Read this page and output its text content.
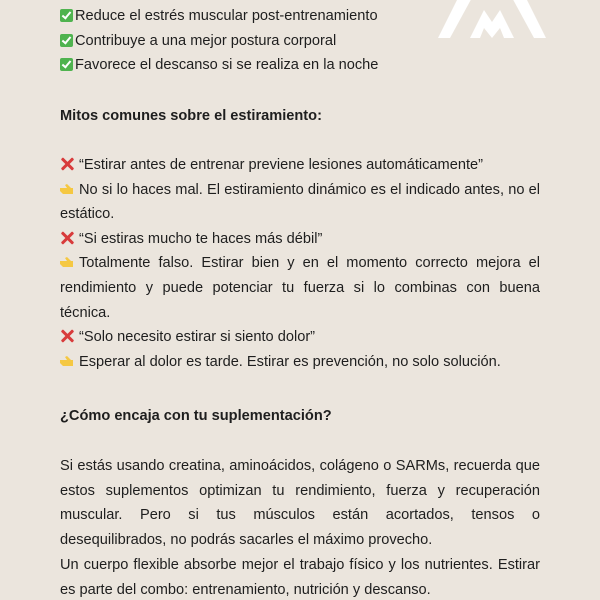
Reduce el estrés muscular post-entrenamiento
Contribuye a una mejor postura corporal
Favorece el descanso si se realiza en la noche
Mitos comunes sobre el estiramiento:
“Estirar antes de entrenar previene lesiones automáticamente”
No si lo haces mal. El estiramiento dinámico es el indicado antes, no el estático.
“Si estiras mucho te haces más débil”
Totalmente falso. Estirar bien y en el momento correcto mejora el rendimiento y puede potenciar tu fuerza si lo combinas con buena técnica.
“Solo necesito estirar si siento dolor”
Esperar al dolor es tarde. Estirar es prevención, no solo solución.
¿Cómo encaja con tu suplementación?
Si estás usando creatina, aminoácidos, colágeno o SARMs, recuerda que estos suplementos optimizan tu rendimiento, fuerza y recuperación muscular. Pero si tus músculos están acortados, tensos o desequilibrados, no podrás sacarles el máximo provecho.
Un cuerpo flexible absorbe mejor el trabajo físico y los nutrientes. Estirar es parte del combo: entrenamiento, nutrición y descanso.
